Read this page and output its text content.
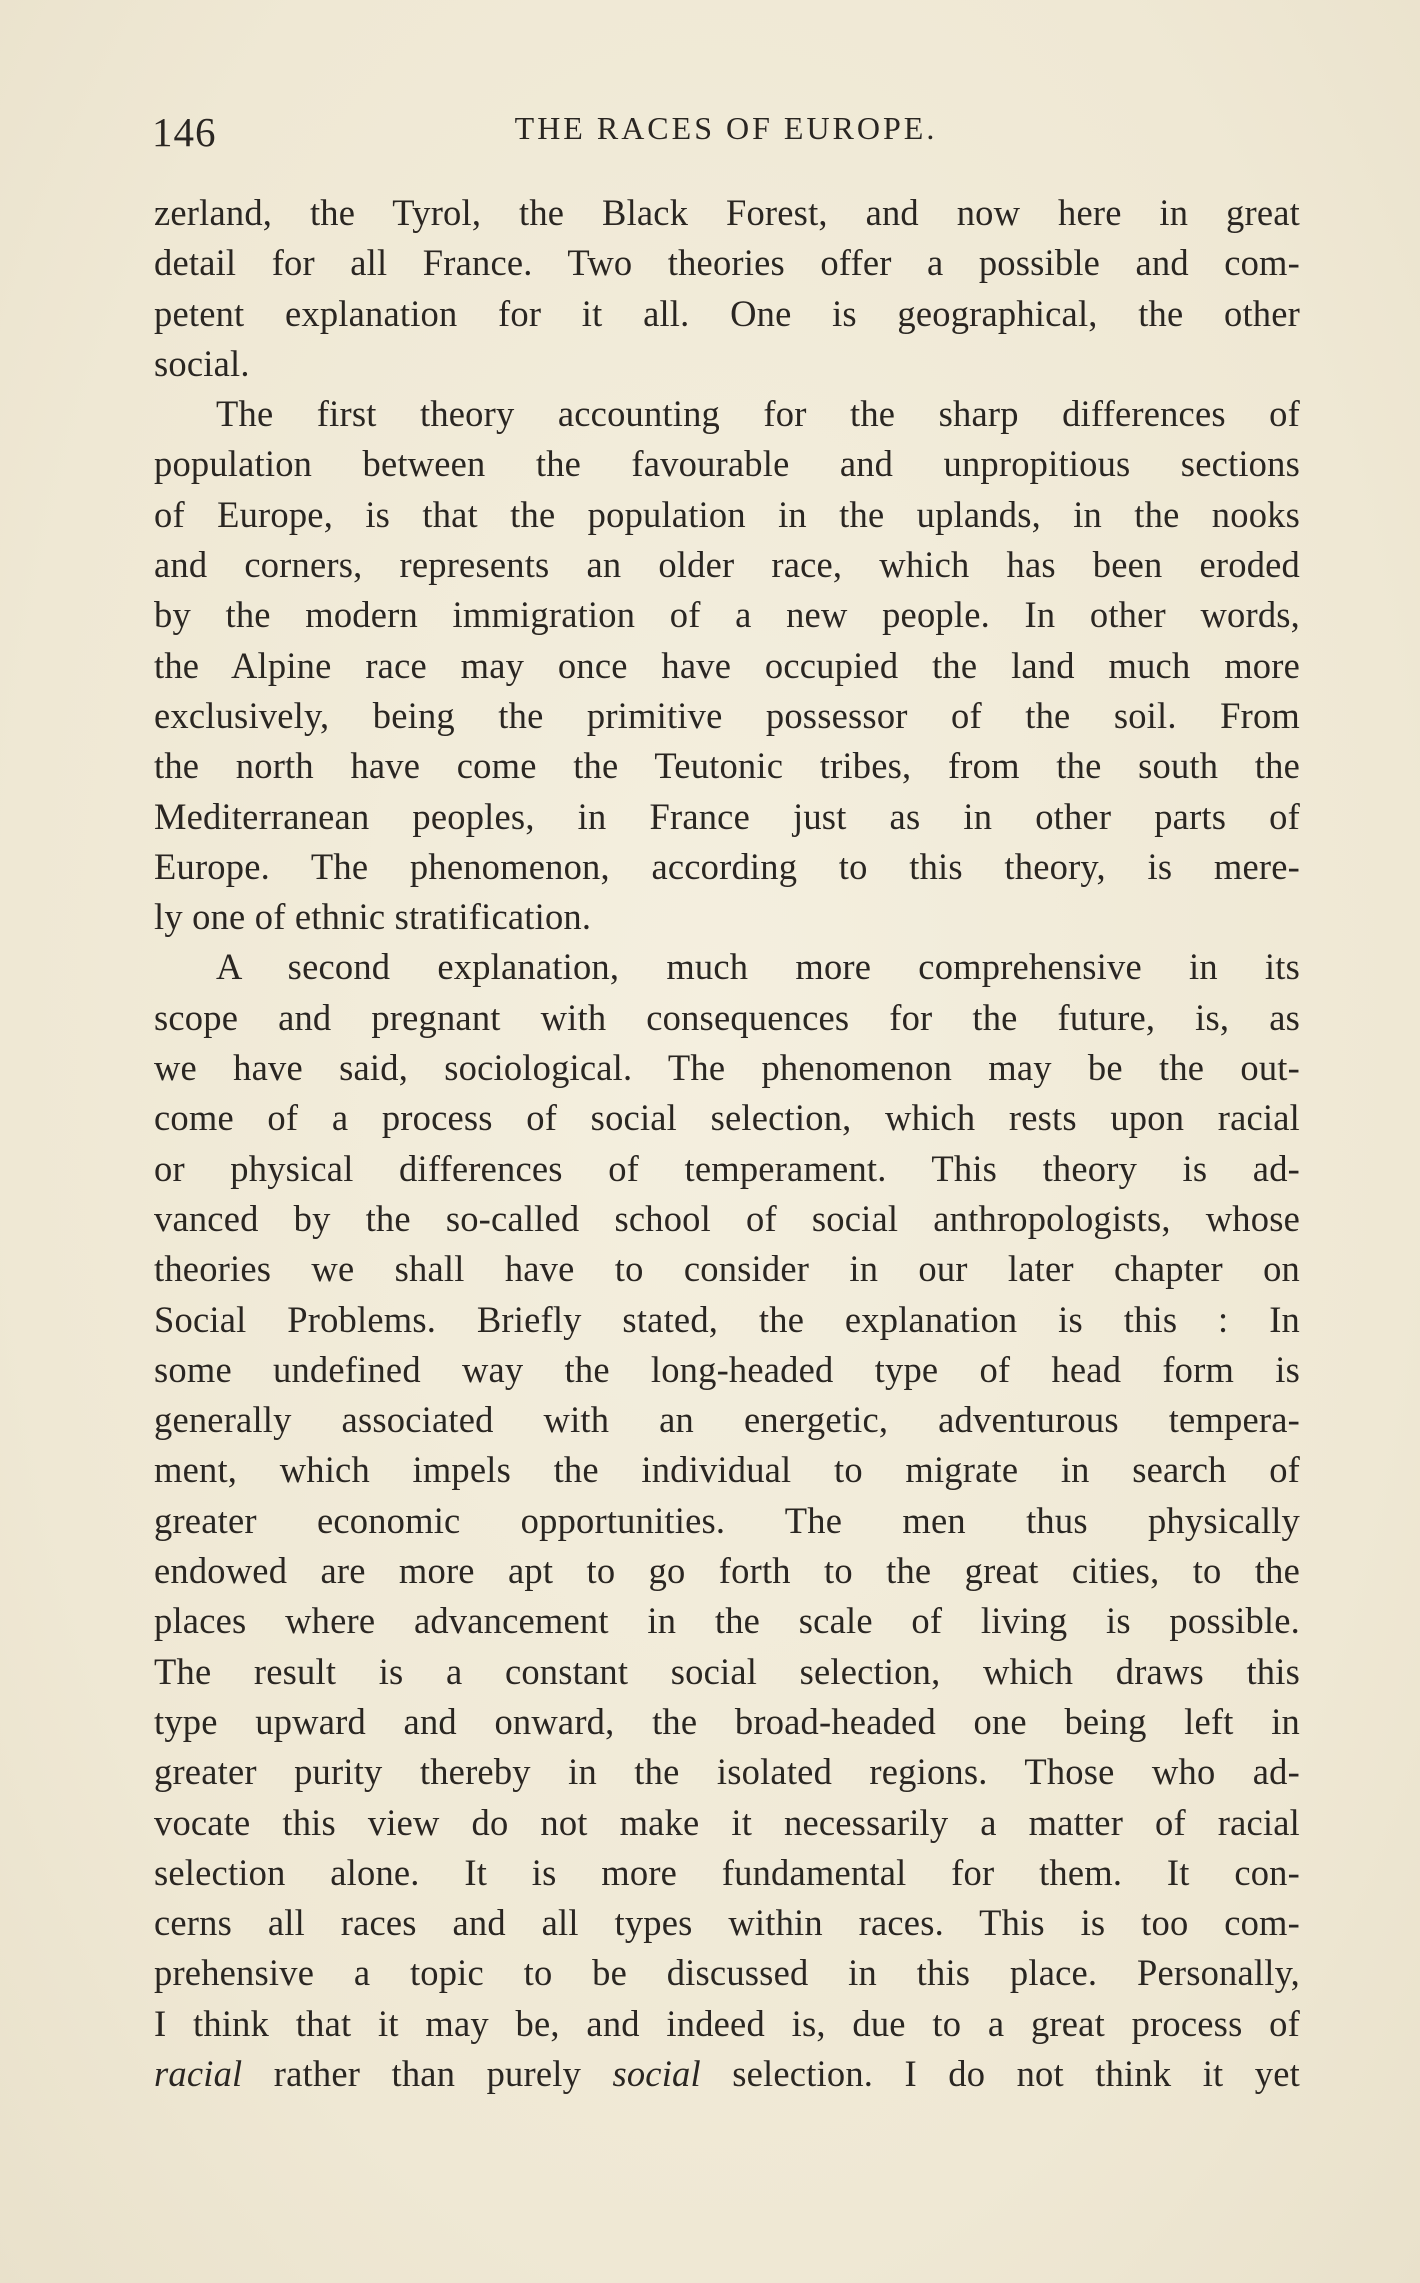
146	THE RACES OF EUROPE.
zerland, the Tyrol, the Black Forest, and now here in great
detail for all France. Two theories offer a possible and com-
petent explanation for it all. One is geographical, the other
social.
The first theory accounting for the sharp differences of
population between the favourable and unpropitious sections
of Europe, is that the population in the uplands, in the nooks
and corners, represents an older race, which has been eroded
by the modern immigration of a new people. In other words,
the Alpine race may once have occupied the land much more
exclusively, being the primitive possessor of the soil. From
the north have come the Teutonic tribes, from the south the
Mediterranean peoples, in France just as in other parts of
Europe. The phenomenon, according to this theory, is mere-
ly one of ethnic stratification.
A second explanation, much more comprehensive in its
scope and pregnant with consequences for the future, is, as
we have said, sociological. The phenomenon may be the out-
come of a process of social selection, which rests upon racial
or physical differences of temperament. This theory is ad-
vanced by the so-called school of social anthropologists, whose
theories we shall have to consider in our later chapter on
Social Problems. Briefly stated, the explanation is this : In
some undefined way the long-headed type of head form is
generally associated with an energetic, adventurous tempera-
ment, which impels the individual to migrate in search of
greater economic opportunities. The men thus physically
endowed are more apt to go forth to the great cities, to the
places where advancement in the scale of living is possible.
The result is a constant social selection, which draws this
type upward and onward, the broad-headed one being left in
greater purity thereby in the isolated regions. Those who ad-
vocate this view do not make it necessarily a matter of racial
selection alone. It is more fundamental for them. It con-
cerns all races and all types within races. This is too com-
prehensive a topic to be discussed in this place. Personally,
I think that it may be, and indeed is, due to a great process of
racial rather than purely social selection. I do not think it yet
